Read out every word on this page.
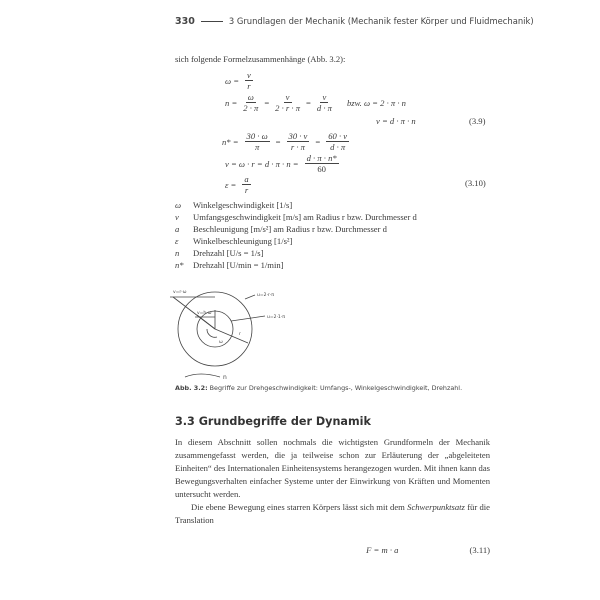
330	3 Grundlagen der Mechanik (Mechanik fester Körper und Fluidmechanik)
sich folgende Formelzusammenhänge (Abb. 3.2):
$\omega = \frac{v}{r}$
$n = \frac{\omega}{2 \cdot \pi} = \frac{v}{2 \cdot r \cdot \pi} = \frac{v}{d \cdot \pi}$ bzw. ω = 2 · π · n
v = d · π · n	(3.9)
$n* = \frac{30 \cdot \omega}{\pi} = \frac{30 \cdot v}{r \cdot \pi} = \frac{60 \cdot v}{d \cdot \pi}$
$v = \omega \cdot r = d \cdot \pi \cdot n = \frac{d \cdot \pi \cdot n*}{60}$
$\varepsilon = \frac{a}{r}$	(3.10)
ω	Winkelgeschwindigkeit [1/s]
v	Umfangsgeschwindigkeit [m/s] am Radius r bzw. Durchmesser d
a	Beschleunigung [m/s²] am Radius r bzw. Durchmesser d
ε	Winkelbeschleunigung [1/s²]
n	Drehzahl [U/s = 1/s]
n*	Drehzahl [U/min = 1/min]
v=r·ω
v=h·ω
u=2·r·π
u=2·1·π
r
ω
n
Abb. 3.2: Begriffe zur Drehgeschwindigkeit: Umfangs-, Winkelgeschwindigkeit, Drehzahl.
3.3 Grundbegriffe der Dynamik

In diesem Abschnitt sollen nochmals die wichtigsten Grundformeln der Mechanik zusammengefasst werden, die ja teilweise schon zur Erläuterung der „abgeleiteten Einheiten“ des Internationalen Einheitensystems herangezogen wurden. Mit ihnen kann das Bewegungsverhalten einfacher Systeme unter der Einwirkung von Kräften und Momenten untersucht werden.

Die ebene Bewegung eines starren Körpers lässt sich mit dem Schwerpunktsatz für die Translation

F = m · a	(3.11)
